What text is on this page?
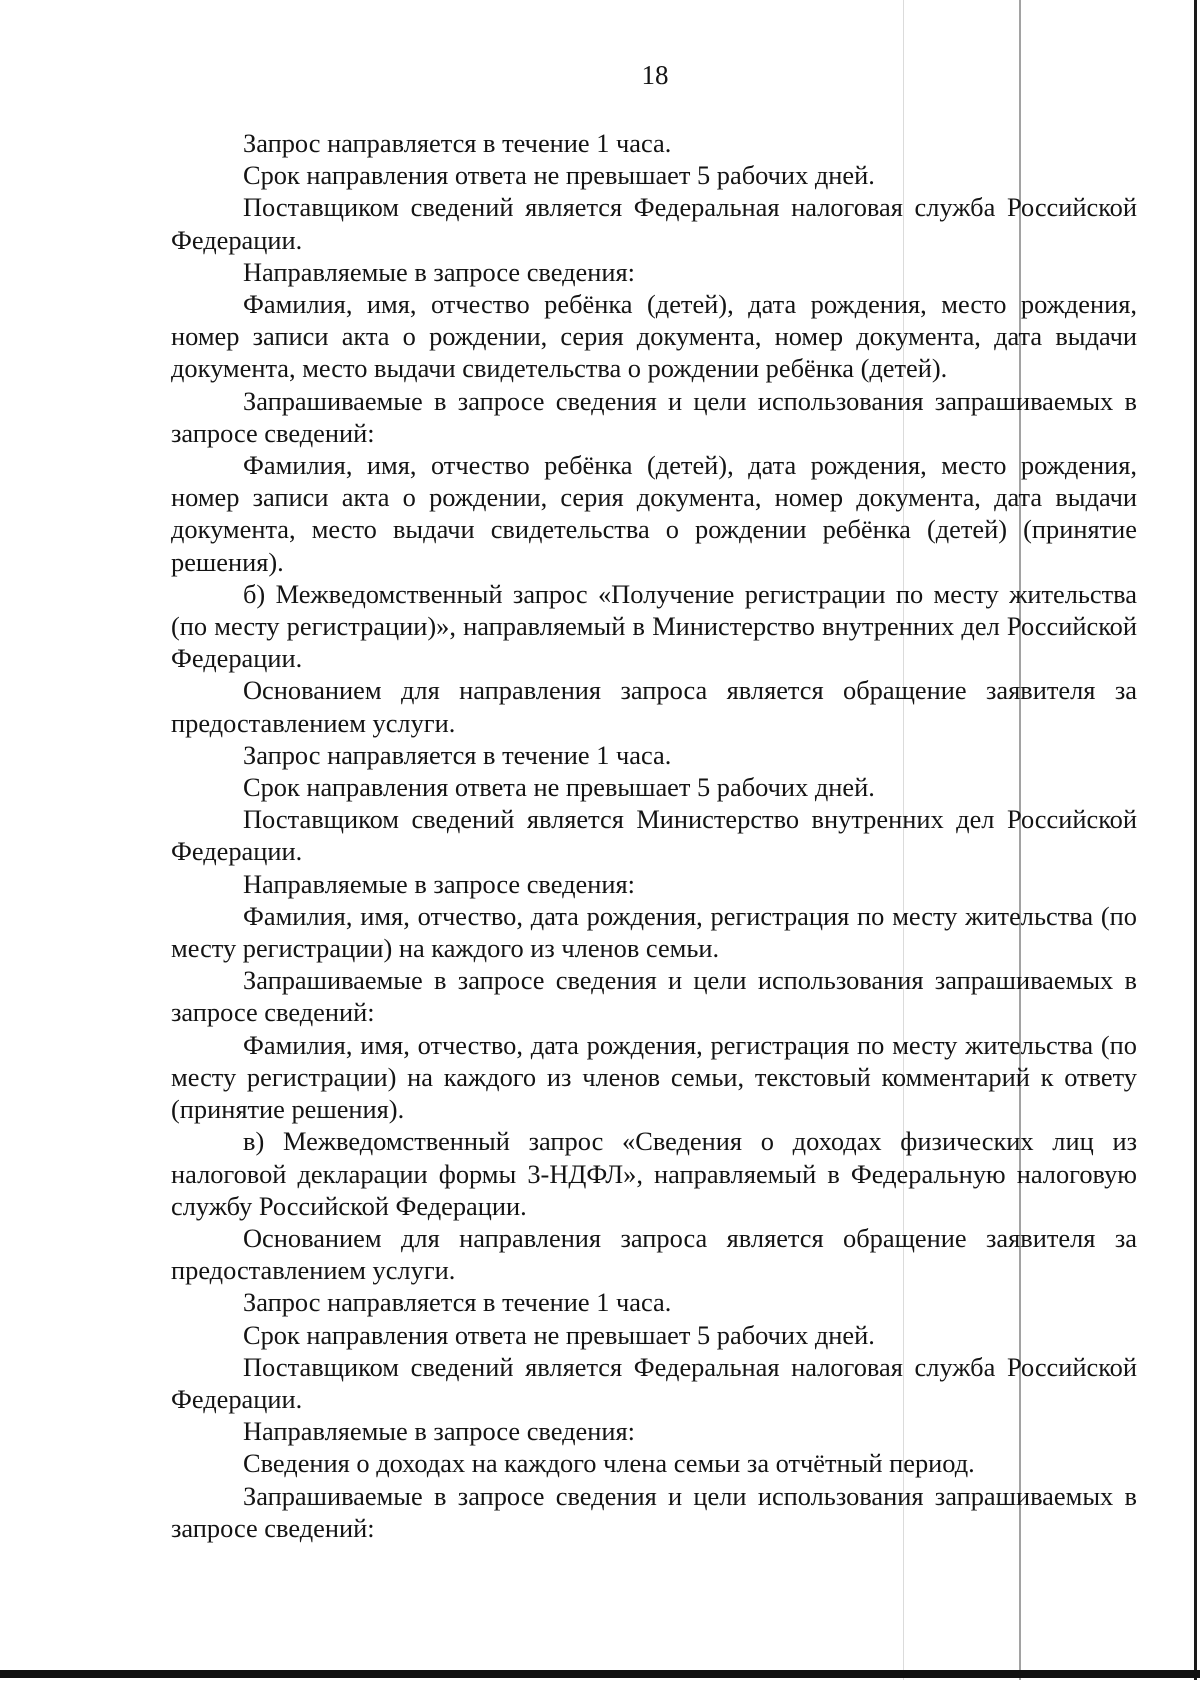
18

Запрос направляется в течение 1 часа.

Срок направления ответа не превышает 5 рабочих дней.

Поставщиком сведений является Федеральная налоговая служба Российской Федерации.

Направляемые в запросе сведения:

Фамилия, имя, отчество ребёнка (детей), дата рождения, место рождения, номер записи акта о рождении, серия документа, номер документа, дата выдачи документа, место выдачи свидетельства о рождении ребёнка (детей).

Запрашиваемые в запросе сведения и цели использования запрашиваемых в запросе сведений:

Фамилия, имя, отчество ребёнка (детей), дата рождения, место рождения, номер записи акта о рождении, серия документа, номер документа, дата выдачи документа, место выдачи свидетельства о рождении ребёнка (детей) (принятие решения).

б) Межведомственный запрос «Получение регистрации по месту жительства (по месту регистрации)», направляемый в Министерство внутренних дел Российской Федерации.

Основанием для направления запроса является обращение заявителя за предоставлением услуги.

Запрос направляется в течение 1 часа.

Срок направления ответа не превышает 5 рабочих дней.

Поставщиком сведений является Министерство внутренних дел Российской Федерации.

Направляемые в запросе сведения:

Фамилия, имя, отчество, дата рождения, регистрация по месту жительства (по месту регистрации) на каждого из членов семьи.

Запрашиваемые в запросе сведения и цели использования запрашиваемых в запросе сведений:

Фамилия, имя, отчество, дата рождения, регистрация по месту жительства (по месту регистрации) на каждого из членов семьи, текстовый комментарий к ответу (принятие решения).

в) Межведомственный запрос «Сведения о доходах физических лиц из налоговой декларации формы 3-НДФЛ», направляемый в Федеральную налоговую службу Российской Федерации.

Основанием для направления запроса является обращение заявителя за предоставлением услуги.

Запрос направляется в течение 1 часа.

Срок направления ответа не превышает 5 рабочих дней.

Поставщиком сведений является Федеральная налоговая служба Российской Федерации.

Направляемые в запросе сведения:

Сведения о доходах на каждого члена семьи за отчётный период.

Запрашиваемые в запросе сведения и цели использования запрашиваемых в запросе сведений:
